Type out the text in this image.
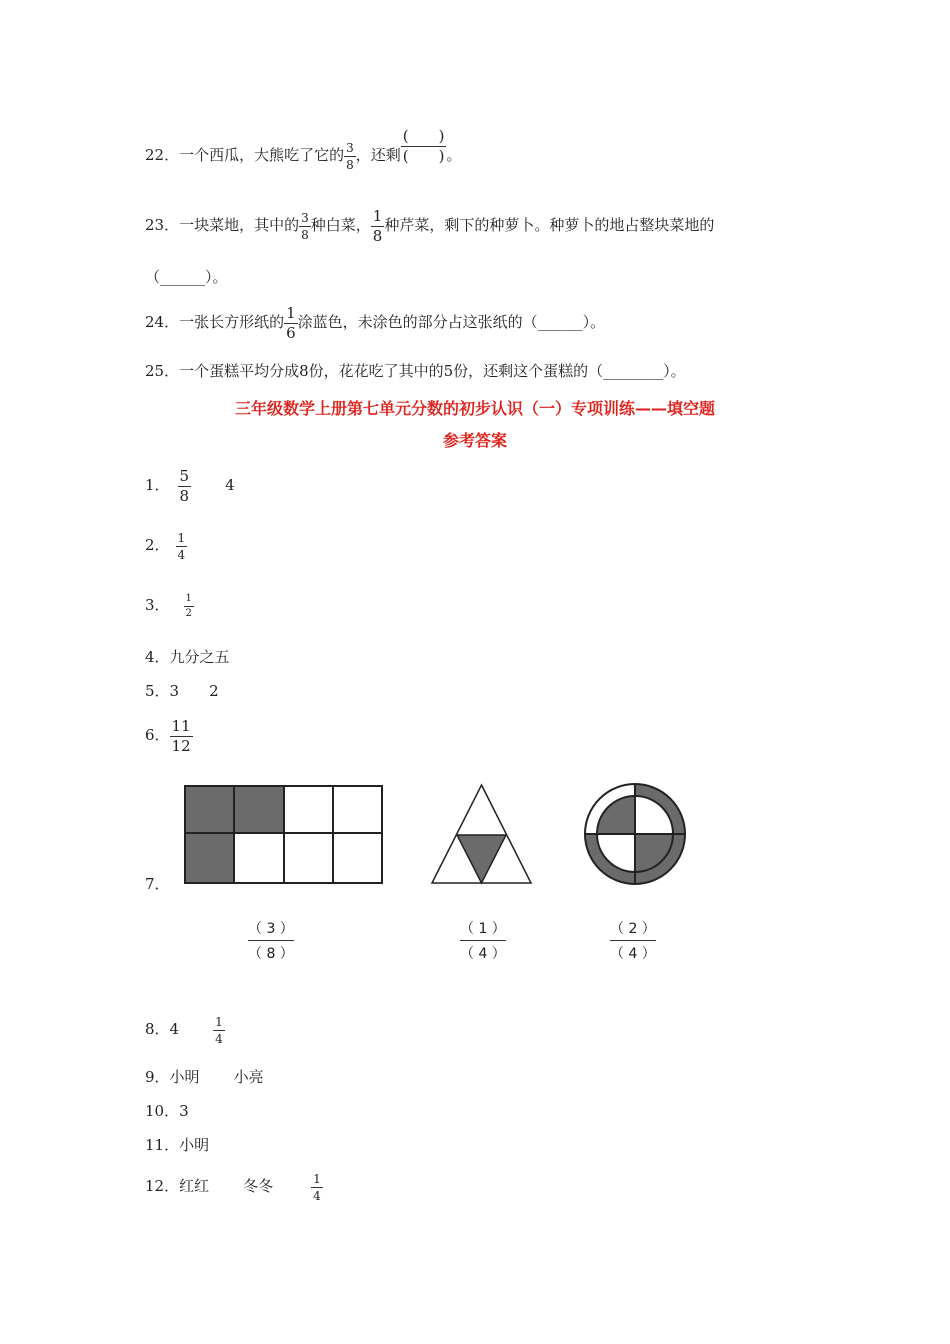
22．一个西瓜，大熊吃了它的 $\frac{3}{8}$ ，还剩 $\frac{( )}{( )}$ 。
23．一块菜地，其中的 $\frac{3}{8}$ 种白菜， $\frac{1}{8}$ 种芹菜，剩下的种萝卜。种萝卜的地占整块菜地的
（______）。
24．一张长方形纸的 $\frac{1}{6}$ 涂蓝色，未涂色的部分占这张纸的（______）。
25．一个蛋糕平均分成8份，花花吃了其中的5份，还剩这个蛋糕的（________）。
三年级数学上册第七单元分数的初步认识（一）专项训练——填空题
参考答案
1． $\frac{5}{8} 4$
2． $\frac{1}{4}$
3． $\frac{1}{2}$
4．九分之五
5．3 2
6． $\frac{11}{12}$
7．
$\frac{( 3 )}{( 8 )}$	$\frac{( 1 )}{( 4 )}$	$\frac{( 2 )}{( 4 )}$
8．4	$\frac{1}{4}$
9．小明 小亮
10．3
11．小明
12．红红 冬冬	$\frac{1}{4}$
